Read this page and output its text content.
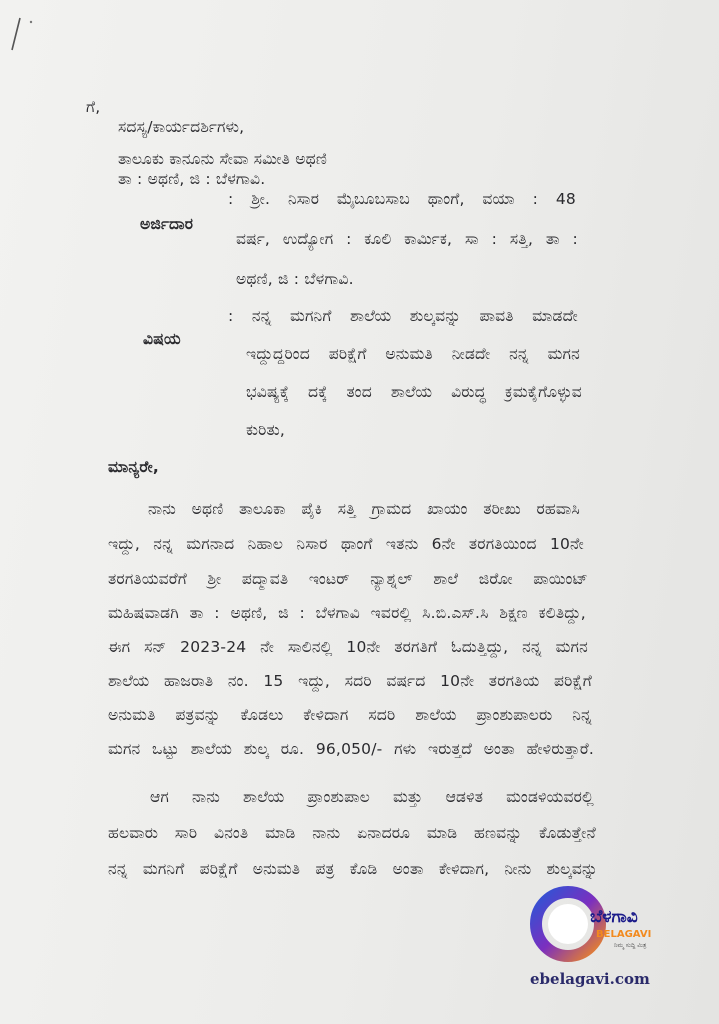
ಗೆ,
ಸದಸ್ಯ/ಕಾರ್ಯದರ್ಶಿಗಳು,
ತಾಲೂಕು ಕಾನೂನು ಸೇವಾ ಸಮೀತಿ ಅಥಣಿ
ತಾ : ಅಥಣಿ, ಜಿ : ಬೆಳಗಾವಿ.
ಅರ್ಜಿದಾರ
: ಶ್ರೀ. ನಿಸಾರ ಮೈಬೂಬಸಾಬ ಥಾಂಗೆ, ವಯಾ : 48
ವರ್ಷ, ಉದ್ಯೋಗ : ಕೂಲಿ ಕಾರ್ಮಿಕ, ಸಾ : ಸತ್ತಿ, ತಾ :
ಅಥಣಿ, ಜಿ : ಬೆಳಗಾವಿ.
ವಿಷಯ
: ನನ್ನ ಮಗನಿಗೆ ಶಾಲೆಯ ಶುಲ್ಕವನ್ನು ಪಾವತಿ ಮಾಡದೇ
ಇದ್ದುದ್ದರಿಂದ ಪರಿಕ್ಷೆಗೆ ಅನುಮತಿ ನೀಡದೇ ನನ್ನ ಮಗನ
ಭವಿಷ್ಯಕ್ಕೆ ದಕ್ಕೆ ತಂದ ಶಾಲೆಯ ವಿರುದ್ಧ ಕ್ರಮಕೈಗೊಳ್ಳುವ
ಕುರಿತು,
ಮಾನ್ಯರೇ,
ನಾನು ಅಥಣಿ ತಾಲೂಕಾ ಪೈಕಿ ಸತ್ತಿ ಗ್ರಾಮದ ಖಾಯಂ ತರೀಖು ರಹವಾಸಿ
ಇದ್ದು, ನನ್ನ ಮಗನಾದ ನಿಹಾಲ ನಿಸಾರ ಥಾಂಗೆ ಇತನು 6ನೇ ತರಗತಿಯಿಂದ 10ನೇ
ತರಗತಿಯವರೆಗೆ ಶ್ರೀ ಪದ್ಮಾವತಿ ಇಂಟರ್ ನ್ಯಾಶ್ನಲ್ ಶಾಲೆ ಜಿರೋ ಪಾಯಿಂಟ್
ಮಹಿಷವಾಡಗಿ ತಾ : ಅಥಣಿ, ಜಿ : ಬೆಳಗಾವಿ ಇವರಲ್ಲಿ ಸಿ.ಬಿ.ಎಸ್.ಸಿ ಶಿಕ್ಷಣ ಕಲಿತಿದ್ದು,
ಈಗ ಸನ್ 2023-24 ನೇ ಸಾಲಿನಲ್ಲಿ 10ನೇ ತರಗತಿಗೆ ಓದುತ್ತಿದ್ದು, ನನ್ನ ಮಗನ
ಶಾಲೆಯ ಹಾಜರಾತಿ ನಂ. 15 ಇದ್ದು, ಸದರಿ ವರ್ಷದ 10ನೇ ತರಗತಿಯ ಪರಿಕ್ಷೆಗೆ
ಅನುಮತಿ ಪತ್ರವನ್ನು ಕೊಡಲು ಕೇಳಿದಾಗ ಸದರಿ ಶಾಲೆಯ ಪ್ರಾಂಶುಪಾಲರು ನಿನ್ನ
ಮಗನ ಒಟ್ಟು ಶಾಲೆಯ ಶುಲ್ಕ ರೂ. 96,050/- ಗಳು ಇರುತ್ತದೆ ಅಂತಾ ಹೇಳಿರುತ್ತಾರೆ.
ಆಗ ನಾನು ಶಾಲೆಯ ಪ್ರಾಂಶುಪಾಲ ಮತ್ತು ಆಡಳಿತ ಮಂಡಳಿಯವರಲ್ಲಿ
ಹಲವಾರು ಸಾರಿ ವಿನಂತಿ ಮಾಡಿ ನಾನು ಏನಾದರೂ ಮಾಡಿ ಹಣವನ್ನು ಕೊಡುತ್ತೇನೆ
ನನ್ನ ಮಗನಿಗೆ ಪರಿಕ್ಷೆಗೆ ಅನುಮತಿ ಪತ್ರ ಕೊಡಿ ಅಂತಾ ಕೇಳಿದಾಗ, ನೀನು ಶುಲ್ಕವನ್ನು
ಬೆಳಗಾವಿ
BELAGAVI
ನಿಮ್ಮ ಸುದ್ದಿ ಮಿತ್ರ
ebelagavi.com
